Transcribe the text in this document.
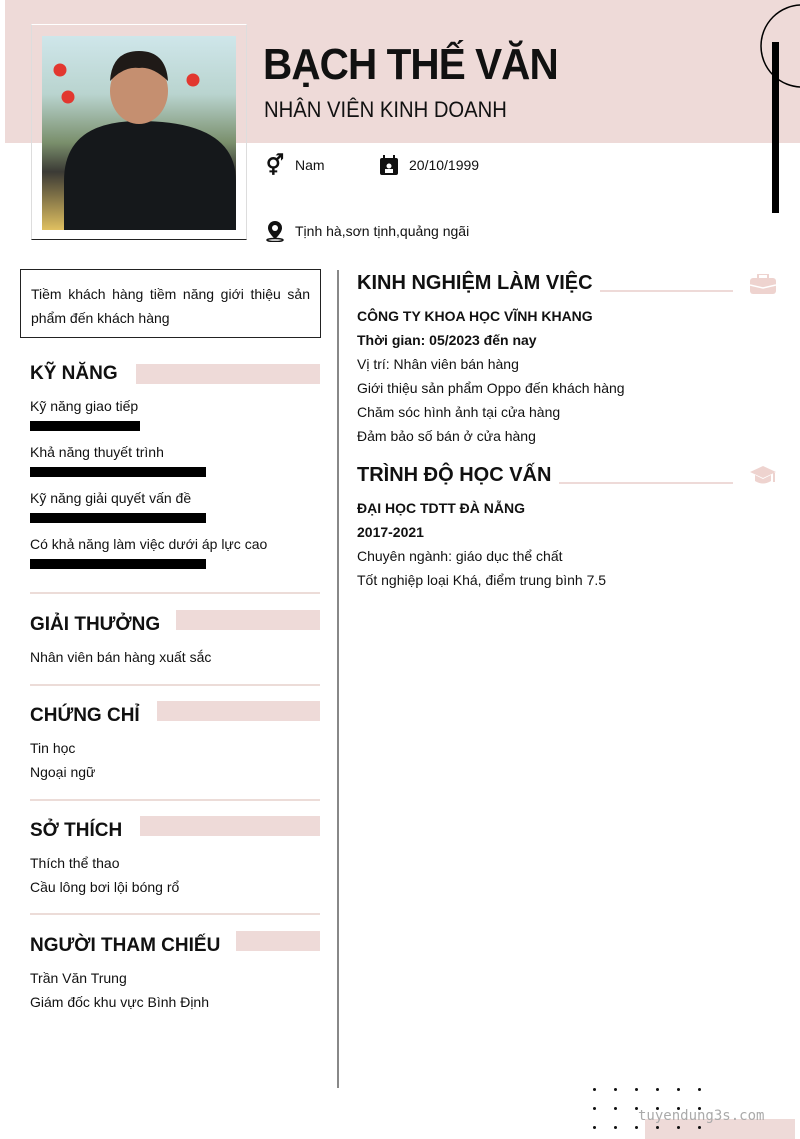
BẠCH THẾ VĂN
NHÂN VIÊN KINH DOANH
⚥ Nam	20/10/1999
Tịnh hà,sơn tịnh,quảng ngãi
Tiềm khách hàng tiềm năng giới thiệu sản phẩm đến khách hàng
KỸ NĂNG
Kỹ năng giao tiếp
Khả năng thuyết trình
Kỹ năng giải quyết vấn đề
Có khả năng làm việc dưới áp lực cao
GIẢI THƯỞNG
Nhân viên bán hàng xuất sắc
CHỨNG CHỈ
Tin học
Ngoại ngữ
SỞ THÍCH
Thích thể thao
Cầu lông bơi lội bóng rổ
NGƯỜI THAM CHIẾU
Trần Văn Trung
Giám đốc khu vực Bình Định
KINH NGHIỆM LÀM VIỆC
CÔNG TY KHOA HỌC VĨNH KHANG
Thời gian: 05/2023 đến nay
Vị trí: Nhân viên bán hàng
Giới thiệu sản phẩm Oppo đến khách hàng
Chăm sóc hình ảnh tại cửa hàng
Đảm bảo số bán ở cửa hàng
TRÌNH ĐỘ HỌC VẤN
ĐẠI HỌC TDTT ĐÀ NẴNG
2017-2021
Chuyên ngành: giáo dục thể chất
Tốt nghiệp loại Khá, điểm trung bình 7.5
tuyendung3s.com
